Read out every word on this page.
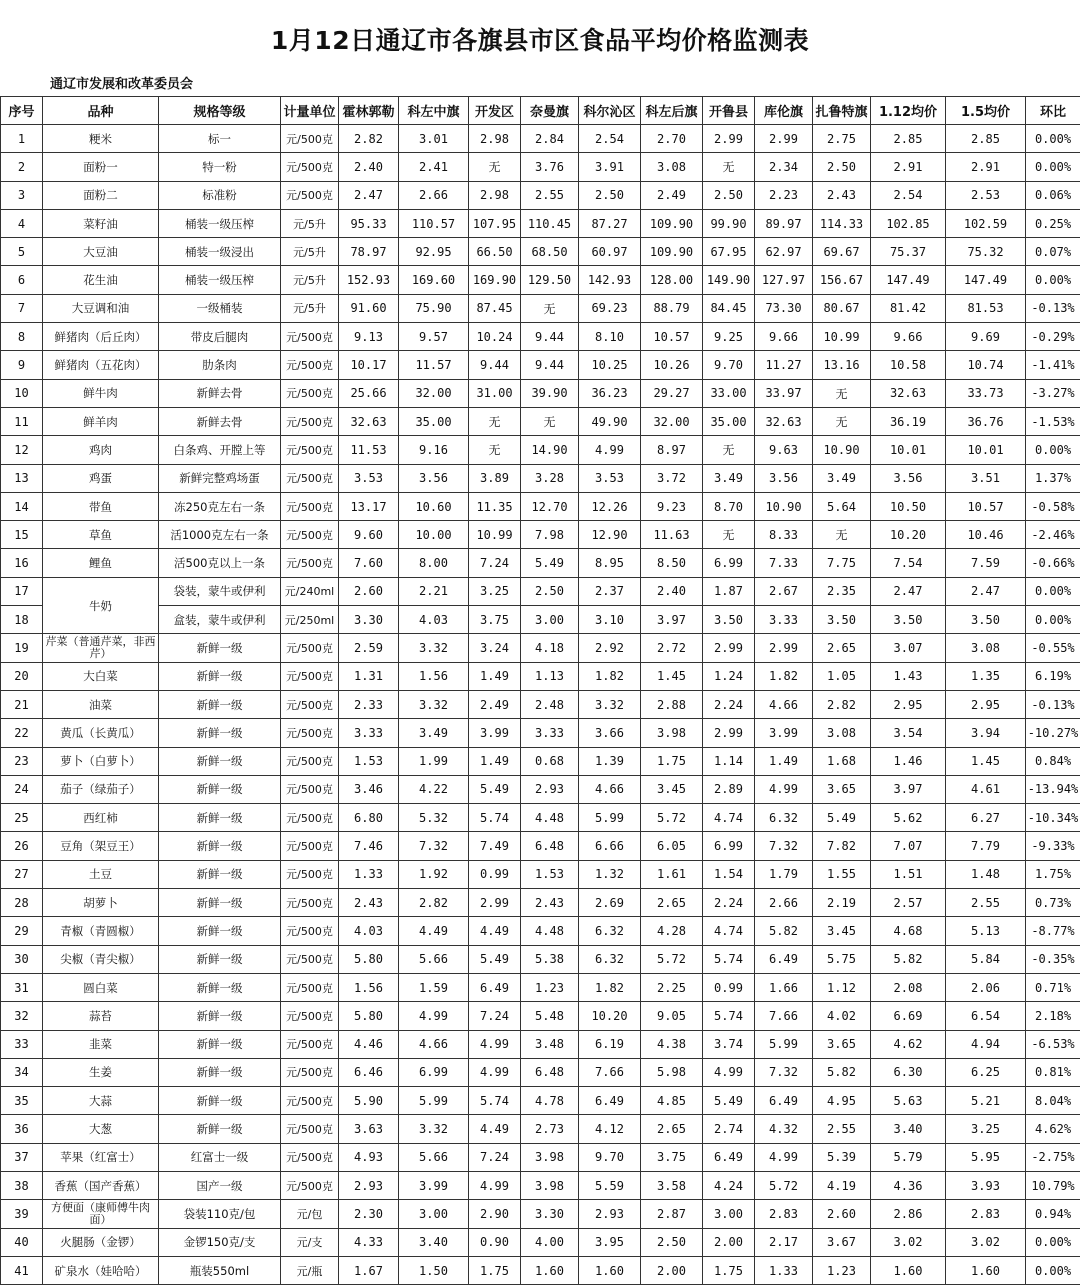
1月12日通辽市各旗县市区食品平均价格监测表
通辽市发展和改革委员会
序号	品种	规格等级	计量单位	霍林郭勒	科左中旗	开发区	奈曼旗	科尔沁区	科左后旗	开鲁县	库伦旗	扎鲁特旗	1.12均价	1.5均价	环比
1	粳米	标一	元/500克	2.82	3.01	2.98	2.84	2.54	2.70	2.99	2.99	2.75	2.85	2.85	0.00%
2	面粉一	特一粉	元/500克	2.40	2.41	无	3.76	3.91	3.08	无	2.34	2.50	2.91	2.91	0.00%
3	面粉二	标准粉	元/500克	2.47	2.66	2.98	2.55	2.50	2.49	2.50	2.23	2.43	2.54	2.53	0.06%
4	菜籽油	桶装一级压榨	元/5升	95.33	110.57	107.95	110.45	87.27	109.90	99.90	89.97	114.33	102.85	102.59	0.25%
5	大豆油	桶装一级浸出	元/5升	78.97	92.95	66.50	68.50	60.97	109.90	67.95	62.97	69.67	75.37	75.32	0.07%
6	花生油	桶装一级压榨	元/5升	152.93	169.60	169.90	129.50	142.93	128.00	149.90	127.97	156.67	147.49	147.49	0.00%
7	大豆调和油	一级桶装	元/5升	91.60	75.90	87.45	无	69.23	88.79	84.45	73.30	80.67	81.42	81.53	-0.13%
8	鲜猪肉（后丘肉）	带皮后腿肉	元/500克	9.13	9.57	10.24	9.44	8.10	10.57	9.25	9.66	10.99	9.66	9.69	-0.29%
9	鲜猪肉（五花肉）	肋条肉	元/500克	10.17	11.57	9.44	9.44	10.25	10.26	9.70	11.27	13.16	10.58	10.74	-1.41%
10	鲜牛肉	新鲜去骨	元/500克	25.66	32.00	31.00	39.90	36.23	29.27	33.00	33.97	无	32.63	33.73	-3.27%
11	鲜羊肉	新鲜去骨	元/500克	32.63	35.00	无	无	49.90	32.00	35.00	32.63	无	36.19	36.76	-1.53%
12	鸡肉	白条鸡、开膛上等	元/500克	11.53	9.16	无	14.90	4.99	8.97	无	9.63	10.90	10.01	10.01	0.00%
13	鸡蛋	新鲜完整鸡场蛋	元/500克	3.53	3.56	3.89	3.28	3.53	3.72	3.49	3.56	3.49	3.56	3.51	1.37%
14	带鱼	冻250克左右一条	元/500克	13.17	10.60	11.35	12.70	12.26	9.23	8.70	10.90	5.64	10.50	10.57	-0.58%
15	草鱼	活1000克左右一条	元/500克	9.60	10.00	10.99	7.98	12.90	11.63	无	8.33	无	10.20	10.46	-2.46%
16	鲤鱼	活500克以上一条	元/500克	7.60	8.00	7.24	5.49	8.95	8.50	6.99	7.33	7.75	7.54	7.59	-0.66%
17	牛奶	袋装，蒙牛或伊利	元/240ml	2.60	2.21	3.25	2.50	2.37	2.40	1.87	2.67	2.35	2.47	2.47	0.00%
18		盒装，蒙牛或伊利	元/250ml	3.30	4.03	3.75	3.00	3.10	3.97	3.50	3.33	3.50	3.50	3.50	0.00%
19	芹菜（普通芹菜，非西芹）	新鲜一级	元/500克	2.59	3.32	3.24	4.18	2.92	2.72	2.99	2.99	2.65	3.07	3.08	-0.55%
20	大白菜	新鲜一级	元/500克	1.31	1.56	1.49	1.13	1.82	1.45	1.24	1.82	1.05	1.43	1.35	6.19%
21	油菜	新鲜一级	元/500克	2.33	3.32	2.49	2.48	3.32	2.88	2.24	4.66	2.82	2.95	2.95	-0.13%
22	黄瓜（长黄瓜）	新鲜一级	元/500克	3.33	3.49	3.99	3.33	3.66	3.98	2.99	3.99	3.08	3.54	3.94	-10.27%
23	萝卜（白萝卜）	新鲜一级	元/500克	1.53	1.99	1.49	0.68	1.39	1.75	1.14	1.49	1.68	1.46	1.45	0.84%
24	茄子（绿茄子）	新鲜一级	元/500克	3.46	4.22	5.49	2.93	4.66	3.45	2.89	4.99	3.65	3.97	4.61	-13.94%
25	西红柿	新鲜一级	元/500克	6.80	5.32	5.74	4.48	5.99	5.72	4.74	6.32	5.49	5.62	6.27	-10.34%
26	豆角（架豆王）	新鲜一级	元/500克	7.46	7.32	7.49	6.48	6.66	6.05	6.99	7.32	7.82	7.07	7.79	-9.33%
27	土豆	新鲜一级	元/500克	1.33	1.92	0.99	1.53	1.32	1.61	1.54	1.79	1.55	1.51	1.48	1.75%
28	胡萝卜	新鲜一级	元/500克	2.43	2.82	2.99	2.43	2.69	2.65	2.24	2.66	2.19	2.57	2.55	0.73%
29	青椒（青圆椒）	新鲜一级	元/500克	4.03	4.49	4.49	4.48	6.32	4.28	4.74	5.82	3.45	4.68	5.13	-8.77%
30	尖椒（青尖椒）	新鲜一级	元/500克	5.80	5.66	5.49	5.38	6.32	5.72	5.74	6.49	5.75	5.82	5.84	-0.35%
31	圆白菜	新鲜一级	元/500克	1.56	1.59	6.49	1.23	1.82	2.25	0.99	1.66	1.12	2.08	2.06	0.71%
32	蒜苔	新鲜一级	元/500克	5.80	4.99	7.24	5.48	10.20	9.05	5.74	7.66	4.02	6.69	6.54	2.18%
33	韭菜	新鲜一级	元/500克	4.46	4.66	4.99	3.48	6.19	4.38	3.74	5.99	3.65	4.62	4.94	-6.53%
34	生姜	新鲜一级	元/500克	6.46	6.99	4.99	6.48	7.66	5.98	4.99	7.32	5.82	6.30	6.25	0.81%
35	大蒜	新鲜一级	元/500克	5.90	5.99	5.74	4.78	6.49	4.85	5.49	6.49	4.95	5.63	5.21	8.04%
36	大葱	新鲜一级	元/500克	3.63	3.32	4.49	2.73	4.12	2.65	2.74	4.32	2.55	3.40	3.25	4.62%
37	苹果（红富士）	红富士一级	元/500克	4.93	5.66	7.24	3.98	9.70	3.75	6.49	4.99	5.39	5.79	5.95	-2.75%
38	香蕉（国产香蕉）	国产一级	元/500克	2.93	3.99	4.99	3.98	5.59	3.58	4.24	5.72	4.19	4.36	3.93	10.79%
39	方便面（康师傅牛肉面）	袋装110克/包	元/包	2.30	3.00	2.90	3.30	2.93	2.87	3.00	2.83	2.60	2.86	2.83	0.94%
40	火腿肠（金锣）	金锣150克/支	元/支	4.33	3.40	0.90	4.00	3.95	2.50	2.00	2.17	3.67	3.02	3.02	0.00%
41	矿泉水（娃哈哈）	瓶装550ml	元/瓶	1.67	1.50	1.75	1.60	1.60	2.00	1.75	1.33	1.23	1.60	1.60	0.00%
